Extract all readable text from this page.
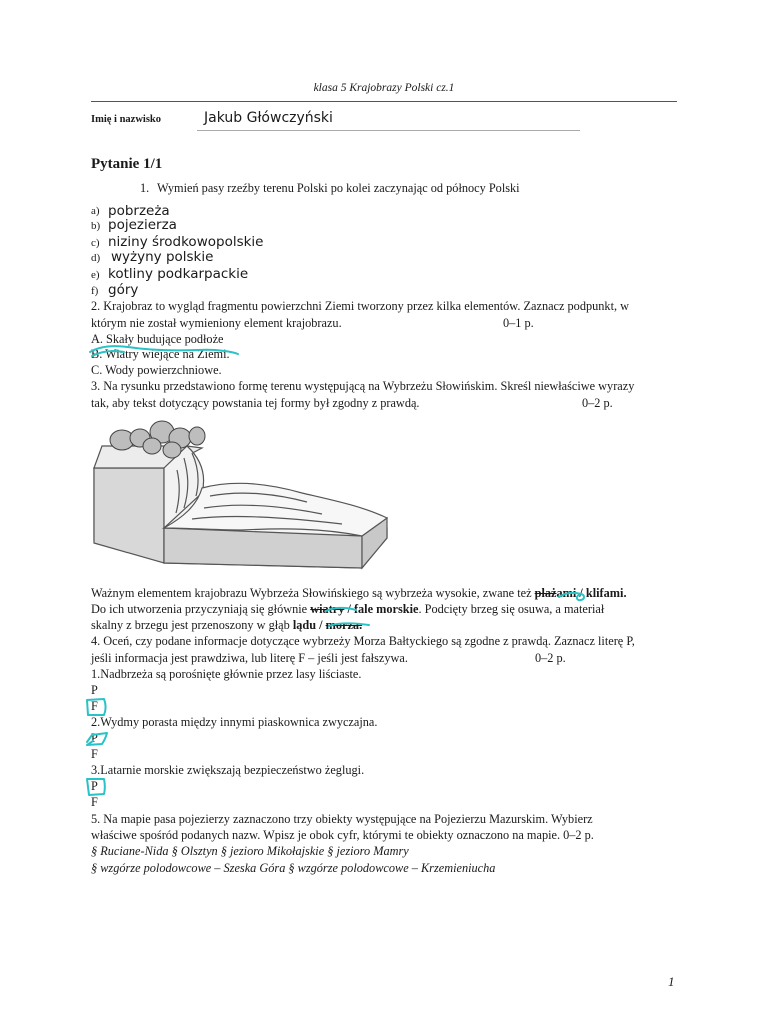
klasa 5 Krajobrazy Polski cz.1
Imię i nazwisko	Jakub Główczyński
Pytanie 1/1
1. Wymień pasy rzeźby terenu Polski po kolei zaczynając od północy Polski
a) pobrzeża
b) pojezierza
c) niziny środkowopolskie
d) wyżyny polskie
e) kotliny podkarpackie
f) góry
2. Krajobraz to wygląd fragmentu powierzchni Ziemi tworzony przez kilka elementów. Zaznacz podpunkt, w
którym nie został wymieniony element krajobrazu.	0–1 p.
A. Skały budujące podłoże
B. Wiatry wiejące na Ziemi.
C. Wody powierzchniowe.
3. Na rysunku przedstawiono formę terenu występującą na Wybrzeżu Słowińskim. Skreśl niewłaściwe wyrazy
tak, aby tekst dotyczący powstania tej formy był zgodny z prawdą.	0–2 p.
Ważnym elementem krajobrazu Wybrzeża Słowińskiego są wybrzeża wysokie, zwane też plażami / klifami.
Do ich utworzenia przyczyniają się głównie wiatry / fale morskie. Podcięty brzeg się osuwa, a materiał
skalny z brzegu jest przenoszony w głąb lądu / morza.
4. Oceń, czy podane informacje dotyczące wybrzeży Morza Bałtyckiego są zgodne z prawdą. Zaznacz literę P,
jeśli informacja jest prawdziwa, lub literę F – jeśli jest fałszywa.	0–2 p.
1.Nadbrzeża są porośnięte głównie przez lasy liściaste.
P
F
2.Wydmy porasta między innymi piaskownica zwyczajna.
P
F
3.Latarnie morskie zwiększają bezpieczeństwo żeglugi.
P
F
5. Na mapie pasa pojezierzy zaznaczono trzy obiekty występujące na Pojezierzu Mazurskim. Wybierz
właściwe spośród podanych nazw. Wpisz je obok cyfr, którymi te obiekty oznaczono na mapie. 0–2 p.
§ Ruciane-Nida § Olsztyn § jezioro Mikołajskie § jezioro Mamry
§ wzgórze polodowcowe – Szeska Góra § wzgórze polodowcowe – Krzemieniucha
1
